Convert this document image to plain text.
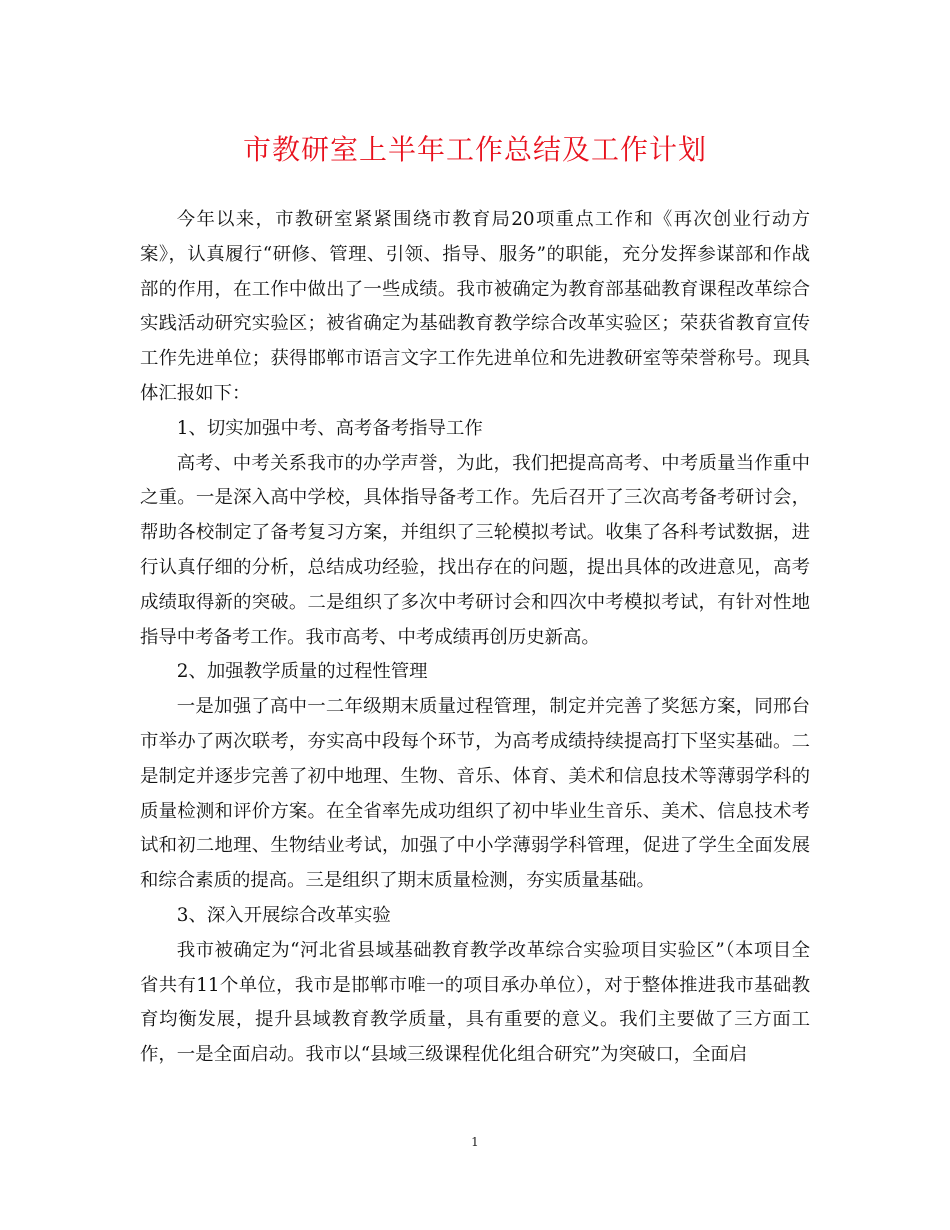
市教研室上半年工作总结及工作计划

今年以来，市教研室紧紧围绕市教育局20项重点工作和《再次创业行动方案》，认真履行“研修、管理、引领、指导、服务”的职能，充分发挥参谋部和作战部的作用，在工作中做出了一些成绩。我市被确定为教育部基础教育课程改革综合实践活动研究实验区；被省确定为基础教育教学综合改革实验区；荣获省教育宣传工作先进单位；获得邯郸市语言文字工作先进单位和先进教研室等荣誉称号。现具体汇报如下：

1、切实加强中考、高考备考指导工作

高考、中考关系我市的办学声誉，为此，我们把提高高考、中考质量当作重中之重。一是深入高中学校，具体指导备考工作。先后召开了三次高考备考研讨会，帮助各校制定了备考复习方案，并组织了三轮模拟考试。收集了各科考试数据，进行认真仔细的分析，总结成功经验，找出存在的问题，提出具体的改进意见，高考成绩取得新的突破。二是组织了多次中考研讨会和四次中考模拟考试，有针对性地指导中考备考工作。我市高考、中考成绩再创历史新高。

2、加强教学质量的过程性管理

一是加强了高中一二年级期末质量过程管理，制定并完善了奖惩方案，同邢台市举办了两次联考，夯实高中段每个环节，为高考成绩持续提高打下坚实基础。二是制定并逐步完善了初中地理、生物、音乐、体育、美术和信息技术等薄弱学科的质量检测和评价方案。在全省率先成功组织了初中毕业生音乐、美术、信息技术考试和初二地理、生物结业考试，加强了中小学薄弱学科管理，促进了学生全面发展和综合素质的提高。三是组织了期末质量检测，夯实质量基础。

3、深入开展综合改革实验

我市被确定为“河北省县域基础教育教学改革综合实验项目实验区”（本项目全省共有11个单位，我市是邯郸市唯一的项目承办单位），对于整体推进我市基础教育均衡发展，提升县域教育教学质量，具有重要的意义。我们主要做了三方面工作，一是全面启动。我市以“县域三级课程优化组合研究”为突破口，全面启

1
